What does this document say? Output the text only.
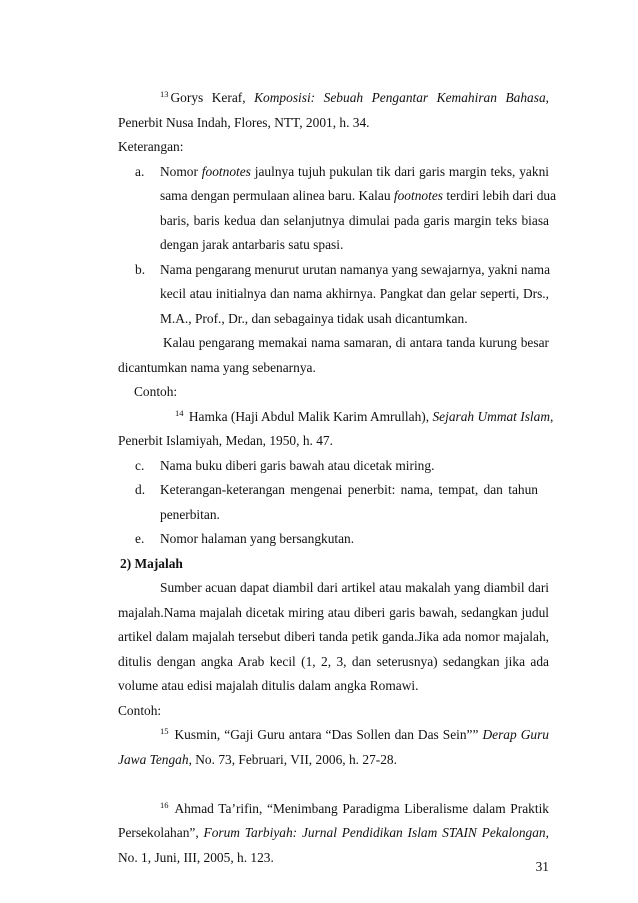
$^{13}$ Gorys Keraf, Komposisi: Sebuah Pengantar Kemahiran Bahasa,
Penerbit Nusa Indah, Flores, NTT, 2001, h. 34.
Keterangan:
a. Nomor footnotes jaulnya tujuh pukulan tik dari garis margin teks, yakni
sama dengan permulaan alinea baru. Kalau footnotes terdiri lebih dari dua
baris, baris kedua dan selanjutnya dimulai pada garis margin teks biasa
dengan jarak antarbaris satu spasi.
b. Nama pengarang menurut urutan namanya yang sewajarnya, yakni nama
kecil atau initialnya dan nama akhirnya. Pangkat dan gelar seperti, Drs.,
M.A., Prof., Dr., dan sebagainya tidak usah dicantumkan.
Kalau pengarang memakai nama samaran, di antara tanda kurung besar
dicantumkan nama yang sebenarnya.
Contoh:
$^{14}$ Hamka (Haji Abdul Malik Karim Amrullah), Sejarah Ummat Islam,
Penerbit Islamiyah, Medan, 1950, h. 47.
c. Nama buku diberi garis bawah atau dicetak miring.
d. Keterangan-keterangan mengenai penerbit: nama, tempat, dan tahun
penerbitan.
e. Nomor halaman yang bersangkutan.
2) Majalah
Sumber acuan dapat diambil dari artikel atau makalah yang diambil dari
majalah.Nama majalah dicetak miring atau diberi garis bawah, sedangkan judul
artikel dalam majalah tersebut diberi tanda petik ganda.Jika ada nomor majalah,
ditulis dengan angka Arab kecil (1, 2, 3, dan seterusnya) sedangkan jika ada
volume atau edisi majalah ditulis dalam angka Romawi.
Contoh:
$^{15}$ Kusmin, “Gaji Guru antara “Das Sollen dan Das Sein”” Derap Guru
Jawa Tengah, No. 73, Februari, VII, 2006, h. 27-28.
$^{16}$ Ahmad Ta’rifin, “Menimbang Paradigma Liberalisme dalam Praktik
Persekolahan”, Forum Tarbiyah: Jurnal Pendidikan Islam STAIN Pekalongan,
No. 1, Juni, III, 2005, h. 123.
31
